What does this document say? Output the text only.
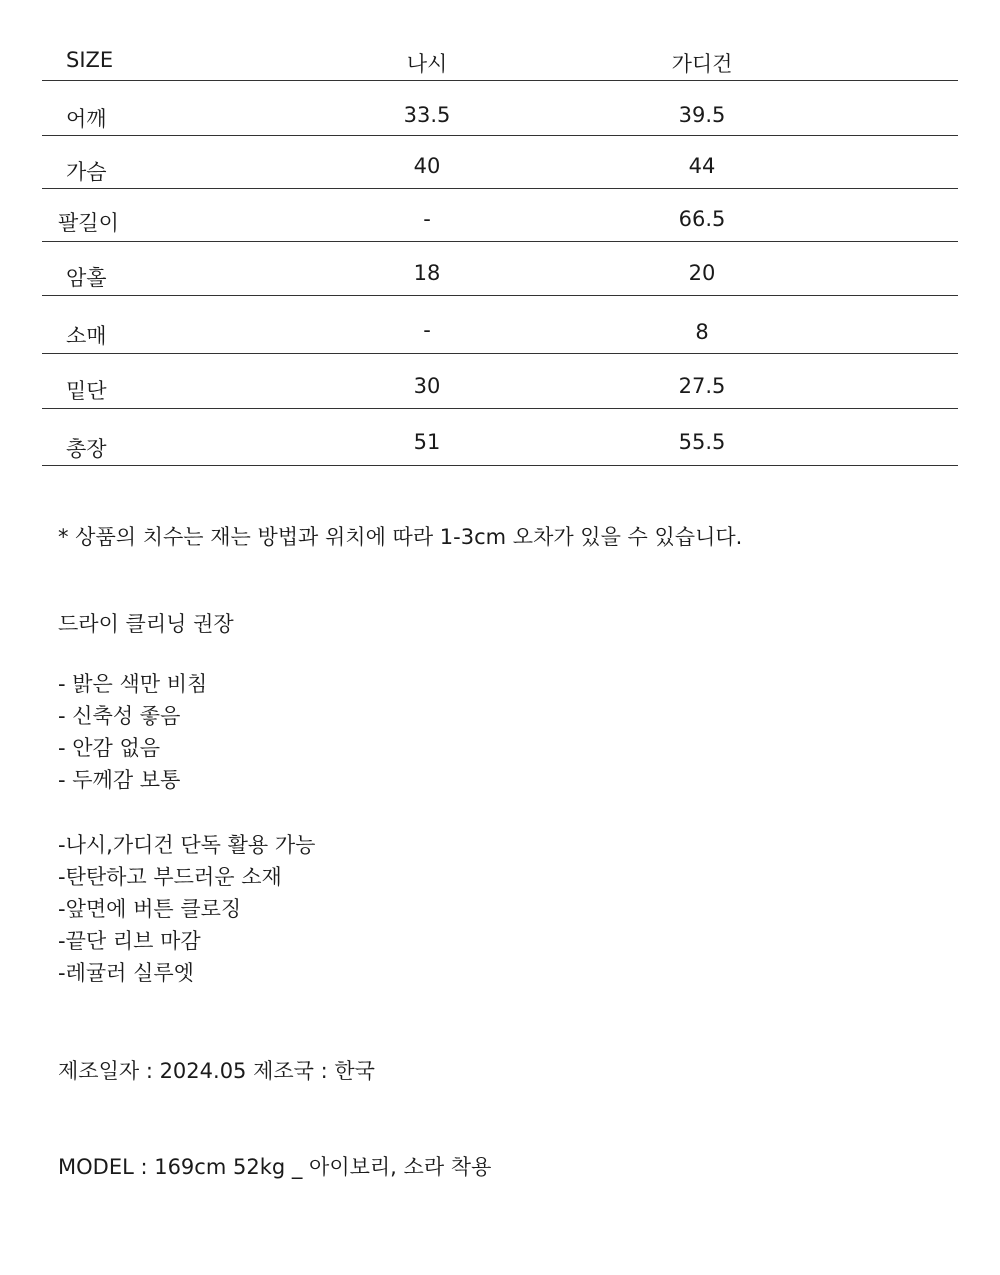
SIZE	나시	가디건
어깨	33.5	39.5
가슴	40	44
팔길이	-	66.5
암홀	18	20
소매	-	8
밑단	30	27.5
총장	51	55.5
* 상품의 치수는 재는 방법과 위치에 따라 1-3cm 오차가 있을 수 있습니다.
드라이 클리닝 권장
- 밝은 색만 비침
- 신축성 좋음
- 안감 없음
- 두께감 보통
-나시,가디건 단독 활용 가능
-탄탄하고 부드러운 소재
-앞면에 버튼 클로징
-끝단 리브 마감
-레귤러 실루엣
제조일자 : 2024.05 제조국 : 한국
MODEL : 169cm 52kg _ 아이보리, 소라 착용
